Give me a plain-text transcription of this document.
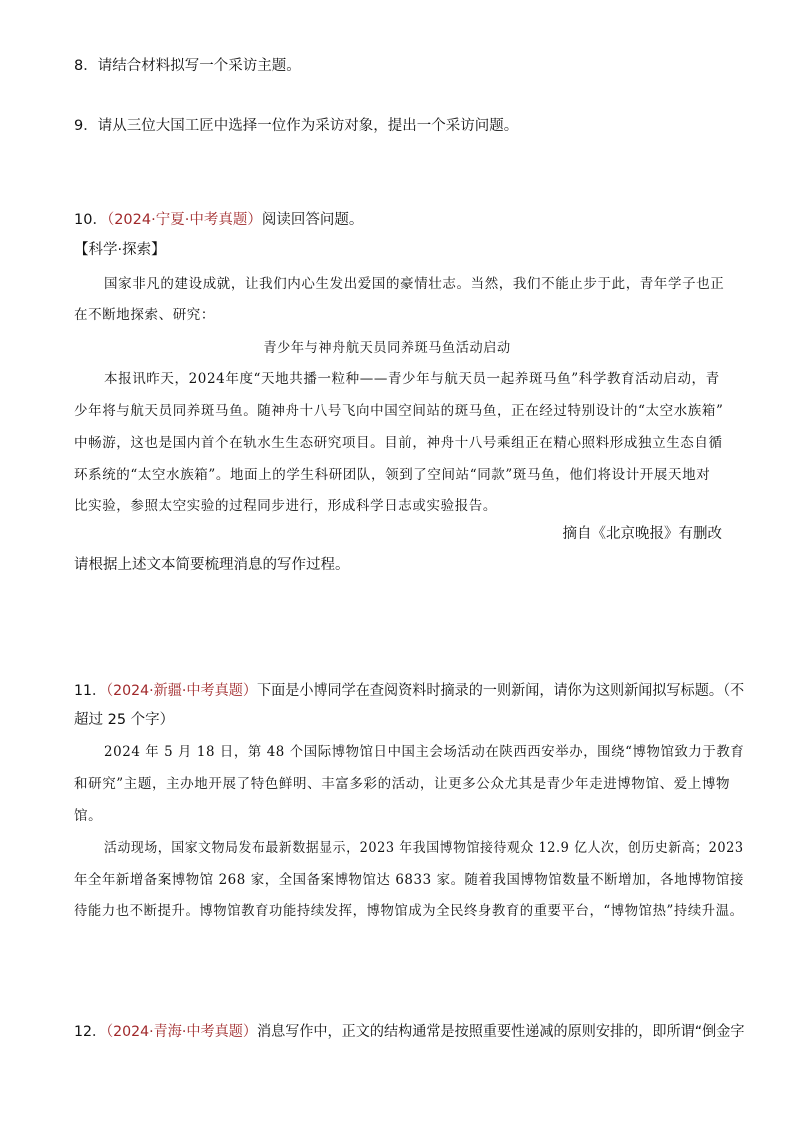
8．请结合材料拟写一个采访主题。
9．请从三位大国工匠中选择一位作为采访对象，提出一个采访问题。
10．（2024·宁夏·中考真题）阅读回答问题。
【科学·探索】
国家非凡的建设成就，让我们内心生发出爱国的豪情壮志。当然，我们不能止步于此，青年学子也正
在不断地探索、研究：
青少年与神舟航天员同养斑马鱼活动启动
本报讯昨天，2024年度“天地共播一粒种——青少年与航天员一起养斑马鱼”科学教育活动启动，青
少年将与航天员同养斑马鱼。随神舟十八号飞向中国空间站的斑马鱼，正在经过特别设计的“太空水族箱”
中畅游，这也是国内首个在轨水生生态研究项目。目前，神舟十八号乘组正在精心照料形成独立生态自循
环系统的“太空水族箱”。地面上的学生科研团队，领到了空间站“同款”斑马鱼，他们将设计开展天地对
比实验，参照太空实验的过程同步进行，形成科学日志或实验报告。
摘自《北京晚报》有删改
请根据上述文本简要梳理消息的写作过程。
11．（2024·新疆·中考真题）下面是小博同学在查阅资料时摘录的一则新闻，请你为这则新闻拟写标题。（不
超过 25 个字）
2024 年 5 月 18 日，第 48 个国际博物馆日中国主会场活动在陕西西安举办，围绕“博物馆致力于教育
和研究”主题，主办地开展了特色鲜明、丰富多彩的活动，让更多公众尤其是青少年走进博物馆、爱上博物
馆。
活动现场，国家文物局发布最新数据显示，2023 年我国博物馆接待观众 12.9 亿人次，创历史新高；2023
年全年新增备案博物馆 268 家，全国备案博物馆达 6833 家。随着我国博物馆数量不断增加，各地博物馆接
待能力也不断提升。博物馆教育功能持续发挥，博物馆成为全民终身教育的重要平台，“博物馆热”持续升温。
12．（2024·青海·中考真题）消息写作中，正文的结构通常是按照重要性递减的原则安排的，即所谓“倒金字
